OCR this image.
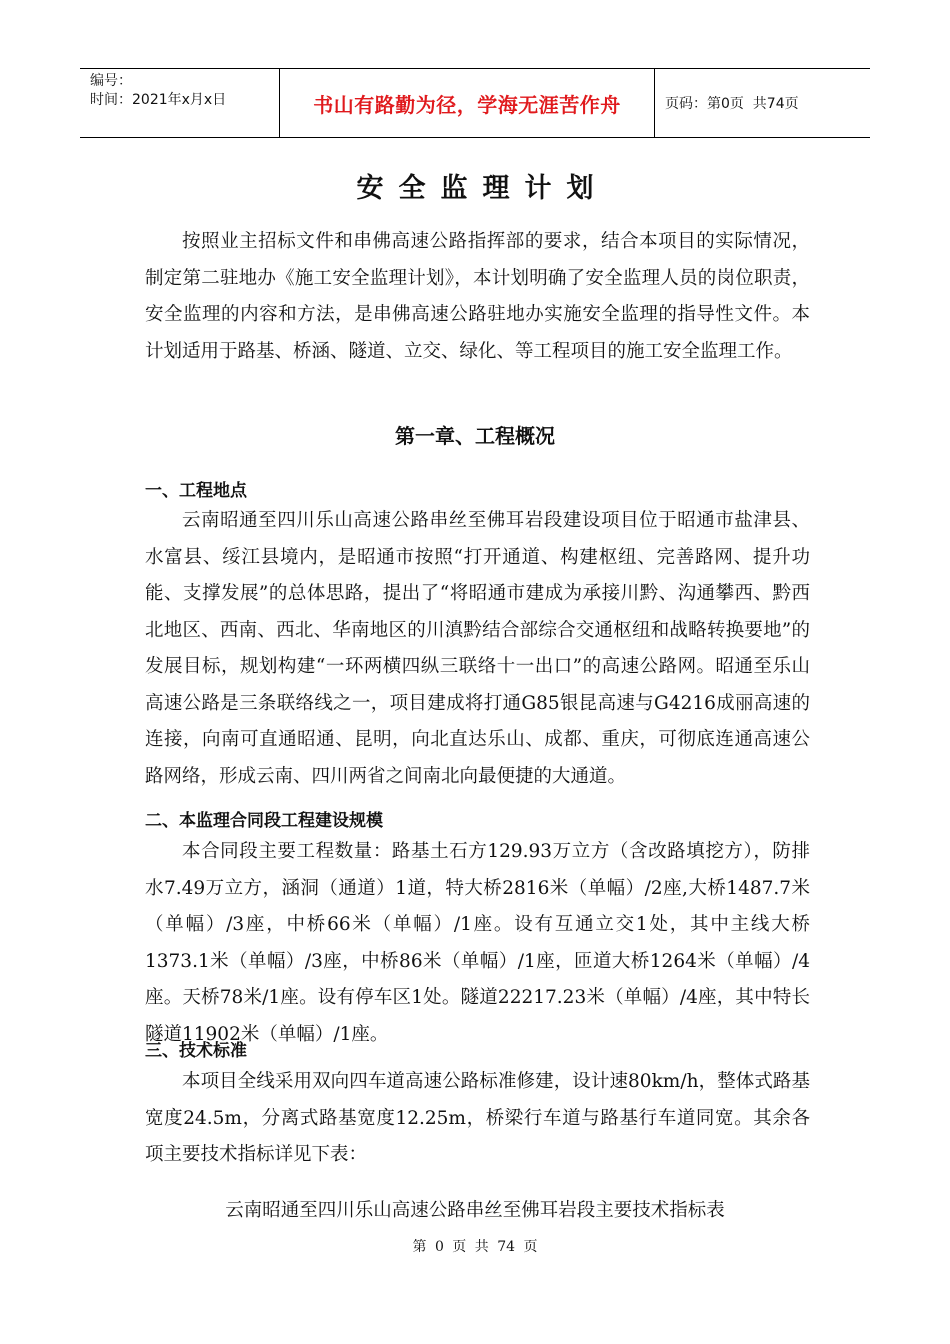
编号：
时间：2021年x月x日	书山有路勤为径，学海无涯苦作舟	页码：第0页  共74页
安全监理计划
按照业主招标文件和串佛高速公路指挥部的要求，结合本项目的实际情况，制定第二驻地办《施工安全监理计划》，本计划明确了安全监理人员的岗位职责，安全监理的内容和方法，是串佛高速公路驻地办实施安全监理的指导性文件。本计划适用于路基、桥涵、隧道、立交、绿化、等工程项目的施工安全监理工作。
第一章、工程概况
一、工程地点
云南昭通至四川乐山高速公路串丝至佛耳岩段建设项目位于昭通市盐津县、水富县、绥江县境内，是昭通市按照“打开通道、构建枢纽、完善路网、提升功能、支撑发展”的总体思路，提出了“将昭通市建成为承接川黔、沟通攀西、黔西北地区、西南、西北、华南地区的川滇黔结合部综合交通枢纽和战略转换要地”的发展目标，规划构建“一环两横四纵三联络十一出口”的高速公路网。昭通至乐山高速公路是三条联络线之一，项目建成将打通G85银昆高速与G4216成丽高速的连接，向南可直通昭通、昆明，向北直达乐山、成都、重庆，可彻底连通高速公路网络，形成云南、四川两省之间南北向最便捷的大通道。
二、本监理合同段工程建设规模
本合同段主要工程数量：路基土石方129.93万立方（含改路填挖方），防排水7.49万立方，涵洞（通道）1道，特大桥2816米（单幅）/2座,大桥1487.7米（单幅）/3座，中桥66米（单幅）/1座。设有互通立交1处，其中主线大桥1373.1米（单幅）/3座，中桥86米（单幅）/1座，匝道大桥1264米（单幅）/4座。天桥78米/1座。设有停车区1处。隧道22217.23米（单幅）/4座，其中特长隧道11902米（单幅）/1座。
三、技术标准
本项目全线采用双向四车道高速公路标准修建，设计速80km/h，整体式路基宽度24.5m，分离式路基宽度12.25m，桥梁行车道与路基行车道同宽。其余各项主要技术指标详见下表：
云南昭通至四川乐山高速公路串丝至佛耳岩段主要技术指标表
第 0 页 共 74 页
